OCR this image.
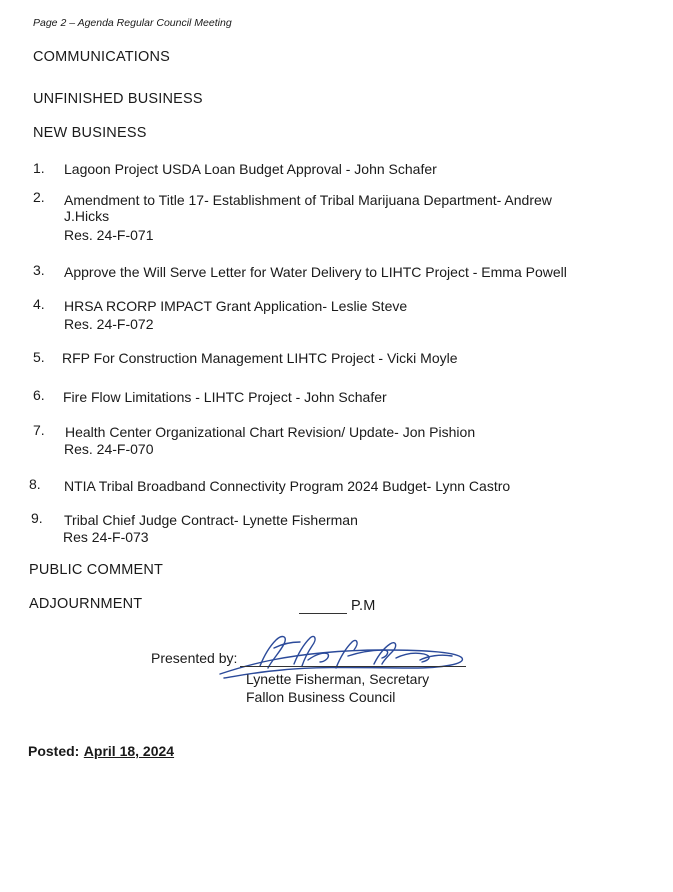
Page 2 – Agenda Regular Council Meeting
COMMUNICATIONS
UNFINISHED BUSINESS
NEW BUSINESS
1. Lagoon Project USDA Loan Budget Approval - John Schafer
2. Amendment to Title 17- Establishment of Tribal Marijuana Department- Andrew
J.Hicks
Res. 24-F-071
3. Approve the Will Serve Letter for Water Delivery to LIHTC Project - Emma Powell
4. HRSA RCORP IMPACT Grant Application- Leslie Steve
Res. 24-F-072
5. RFP For Construction Management LIHTC Project - Vicki Moyle
6. Fire Flow Limitations - LIHTC Project - John Schafer
7. Health Center Organizational Chart Revision/ Update- Jon Pishion
Res. 24-F-070
8. NTIA Tribal Broadband Connectivity Program 2024 Budget- Lynn Castro
9. Tribal Chief Judge Contract- Lynette Fisherman
Res 24-F-073
PUBLIC COMMENT
ADJOURNMENT	P.M
Presented by:
Lynette Fisherman, Secretary
Fallon Business Council
Posted: April 18, 2024
